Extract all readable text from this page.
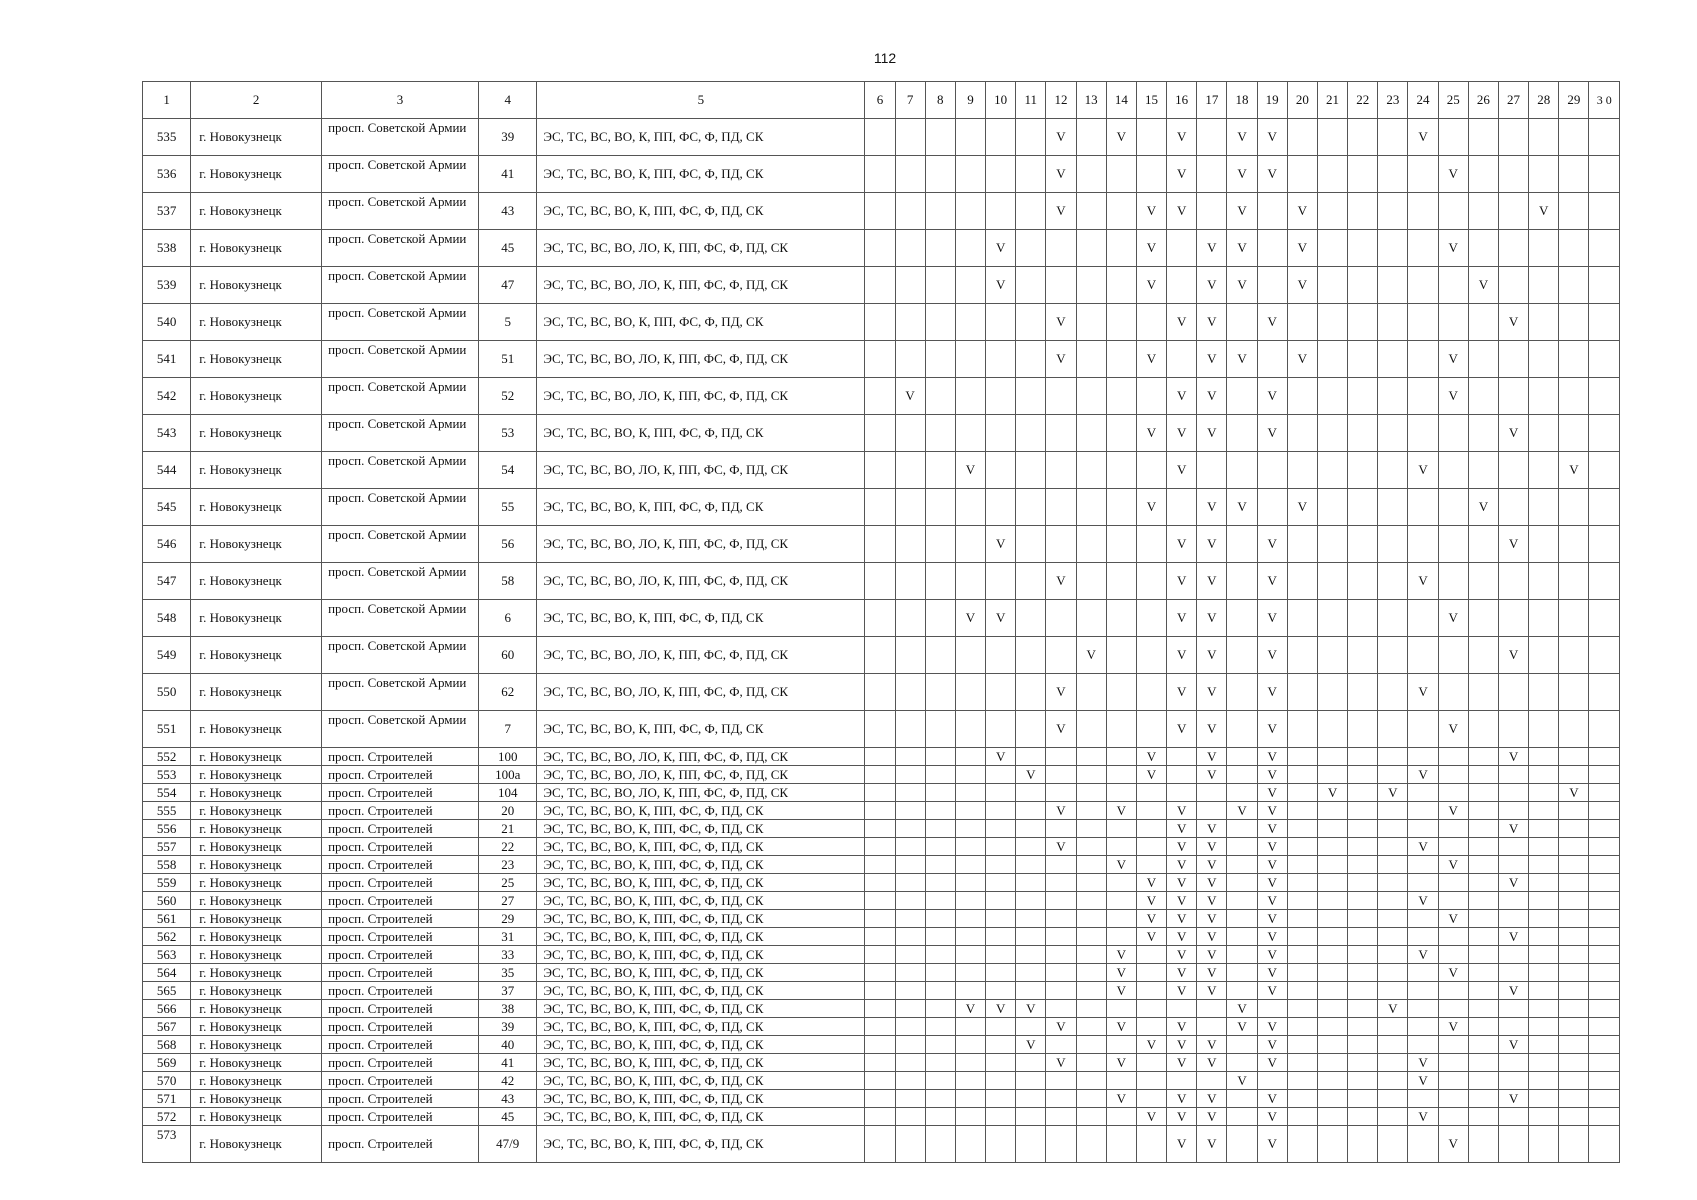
112
1	2	3	4	5	6	7	8	9	10	11	12	13	14	15	16	17	18	19	20	21	22	23	24	25	26	27	28	29	3 0
535	г. Новокузнецк	просп. Советской Армии	39	ЭС, ТС, ВС, ВО, К, ПП, ФС, Ф, ПД, СК							V		V		V		V	V					V						
536	г. Новокузнецк	просп. Советской Армии	41	ЭС, ТС, ВС, ВО, К, ПП, ФС, Ф, ПД, СК							V				V		V	V						V					
537	г. Новокузнецк	просп. Советской Армии	43	ЭС, ТС, ВС, ВО, К, ПП, ФС, Ф, ПД, СК							V			V	V		V		V								V		
538	г. Новокузнецк	просп. Советской Армии	45	ЭС, ТС, ВС, ВО, ЛО, К, ПП, ФС, Ф, ПД, СК					V					V		V	V		V					V					
539	г. Новокузнецк	просп. Советской Армии	47	ЭС, ТС, ВС, ВО, ЛО, К, ПП, ФС, Ф, ПД, СК					V					V		V	V		V						V				
540	г. Новокузнецк	просп. Советской Армии	5	ЭС, ТС, ВС, ВО, К, ПП, ФС, Ф, ПД, СК							V				V	V		V								V			
541	г. Новокузнецк	просп. Советской Армии	51	ЭС, ТС, ВС, ВО, ЛО, К, ПП, ФС, Ф, ПД, СК							V			V		V	V		V					V					
542	г. Новокузнецк	просп. Советской Армии	52	ЭС, ТС, ВС, ВО, ЛО, К, ПП, ФС, Ф, ПД, СК		V									V	V		V						V					
543	г. Новокузнецк	просп. Советской Армии	53	ЭС, ТС, ВС, ВО, К, ПП, ФС, Ф, ПД, СК										V	V	V		V								V			
544	г. Новокузнецк	просп. Советской Армии	54	ЭС, ТС, ВС, ВО, ЛО, К, ПП, ФС, Ф, ПД, СК				V							V								V					V	
545	г. Новокузнецк	просп. Советской Армии	55	ЭС, ТС, ВС, ВО, К, ПП, ФС, Ф, ПД, СК										V		V	V		V						V				
546	г. Новокузнецк	просп. Советской Армии	56	ЭС, ТС, ВС, ВО, ЛО, К, ПП, ФС, Ф, ПД, СК					V						V	V		V								V			
547	г. Новокузнецк	просп. Советской Армии	58	ЭС, ТС, ВС, ВО, ЛО, К, ПП, ФС, Ф, ПД, СК							V				V	V		V					V						
548	г. Новокузнецк	просп. Советской Армии	6	ЭС, ТС, ВС, ВО, К, ПП, ФС, Ф, ПД, СК				V	V						V	V		V						V					
549	г. Новокузнецк	просп. Советской Армии	60	ЭС, ТС, ВС, ВО, ЛО, К, ПП, ФС, Ф, ПД, СК								V			V	V		V								V			
550	г. Новокузнецк	просп. Советской Армии	62	ЭС, ТС, ВС, ВО, ЛО, К, ПП, ФС, Ф, ПД, СК							V				V	V		V					V						
551	г. Новокузнецк	просп. Советской Армии	7	ЭС, ТС, ВС, ВО, К, ПП, ФС, Ф, ПД, СК							V				V	V		V						V					
552	г. Новокузнецк	просп. Строителей	100	ЭС, ТС, ВС, ВО, ЛО, К, ПП, ФС, Ф, ПД, СК					V					V		V		V								V			
553	г. Новокузнецк	просп. Строителей	100а	ЭС, ТС, ВС, ВО, ЛО, К, ПП, ФС, Ф, ПД, СК						V				V		V		V					V						
554	г. Новокузнецк	просп. Строителей	104	ЭС, ТС, ВС, ВО, ЛО, К, ПП, ФС, Ф, ПД, СК														V		V		V						V	
555	г. Новокузнецк	просп. Строителей	20	ЭС, ТС, ВС, ВО, К, ПП, ФС, Ф, ПД, СК							V		V		V		V	V						V					
556	г. Новокузнецк	просп. Строителей	21	ЭС, ТС, ВС, ВО, К, ПП, ФС, Ф, ПД, СК											V	V		V								V			
557	г. Новокузнецк	просп. Строителей	22	ЭС, ТС, ВС, ВО, К, ПП, ФС, Ф, ПД, СК							V				V	V		V					V						
558	г. Новокузнецк	просп. Строителей	23	ЭС, ТС, ВС, ВО, К, ПП, ФС, Ф, ПД, СК									V		V	V		V						V					
559	г. Новокузнецк	просп. Строителей	25	ЭС, ТС, ВС, ВО, К, ПП, ФС, Ф, ПД, СК										V	V	V		V								V			
560	г. Новокузнецк	просп. Строителей	27	ЭС, ТС, ВС, ВО, К, ПП, ФС, Ф, ПД, СК										V	V	V		V					V						
561	г. Новокузнецк	просп. Строителей	29	ЭС, ТС, ВС, ВО, К, ПП, ФС, Ф, ПД, СК										V	V	V		V						V					
562	г. Новокузнецк	просп. Строителей	31	ЭС, ТС, ВС, ВО, К, ПП, ФС, Ф, ПД, СК										V	V	V		V								V			
563	г. Новокузнецк	просп. Строителей	33	ЭС, ТС, ВС, ВО, К, ПП, ФС, Ф, ПД, СК									V		V	V		V					V						
564	г. Новокузнецк	просп. Строителей	35	ЭС, ТС, ВС, ВО, К, ПП, ФС, Ф, ПД, СК									V		V	V		V						V					
565	г. Новокузнецк	просп. Строителей	37	ЭС, ТС, ВС, ВО, К, ПП, ФС, Ф, ПД, СК									V		V	V		V								V			
566	г. Новокузнецк	просп. Строителей	38	ЭС, ТС, ВС, ВО, К, ПП, ФС, Ф, ПД, СК				V	V	V							V					V							
567	г. Новокузнецк	просп. Строителей	39	ЭС, ТС, ВС, ВО, К, ПП, ФС, Ф, ПД, СК							V		V		V		V	V						V					
568	г. Новокузнецк	просп. Строителей	40	ЭС, ТС, ВС, ВО, К, ПП, ФС, Ф, ПД, СК						V				V	V	V		V								V			
569	г. Новокузнецк	просп. Строителей	41	ЭС, ТС, ВС, ВО, К, ПП, ФС, Ф, ПД, СК							V		V		V	V		V					V						
570	г. Новокузнецк	просп. Строителей	42	ЭС, ТС, ВС, ВО, К, ПП, ФС, Ф, ПД, СК													V						V						
571	г. Новокузнецк	просп. Строителей	43	ЭС, ТС, ВС, ВО, К, ПП, ФС, Ф, ПД, СК									V		V	V		V								V			
572	г. Новокузнецк	просп. Строителей	45	ЭС, ТС, ВС, ВО, К, ПП, ФС, Ф, ПД, СК										V	V	V		V					V						
573	г. Новокузнецк	просп. Строителей	47/9	ЭС, ТС, ВС, ВО, К, ПП, ФС, Ф, ПД, СК											V	V		V						V					
